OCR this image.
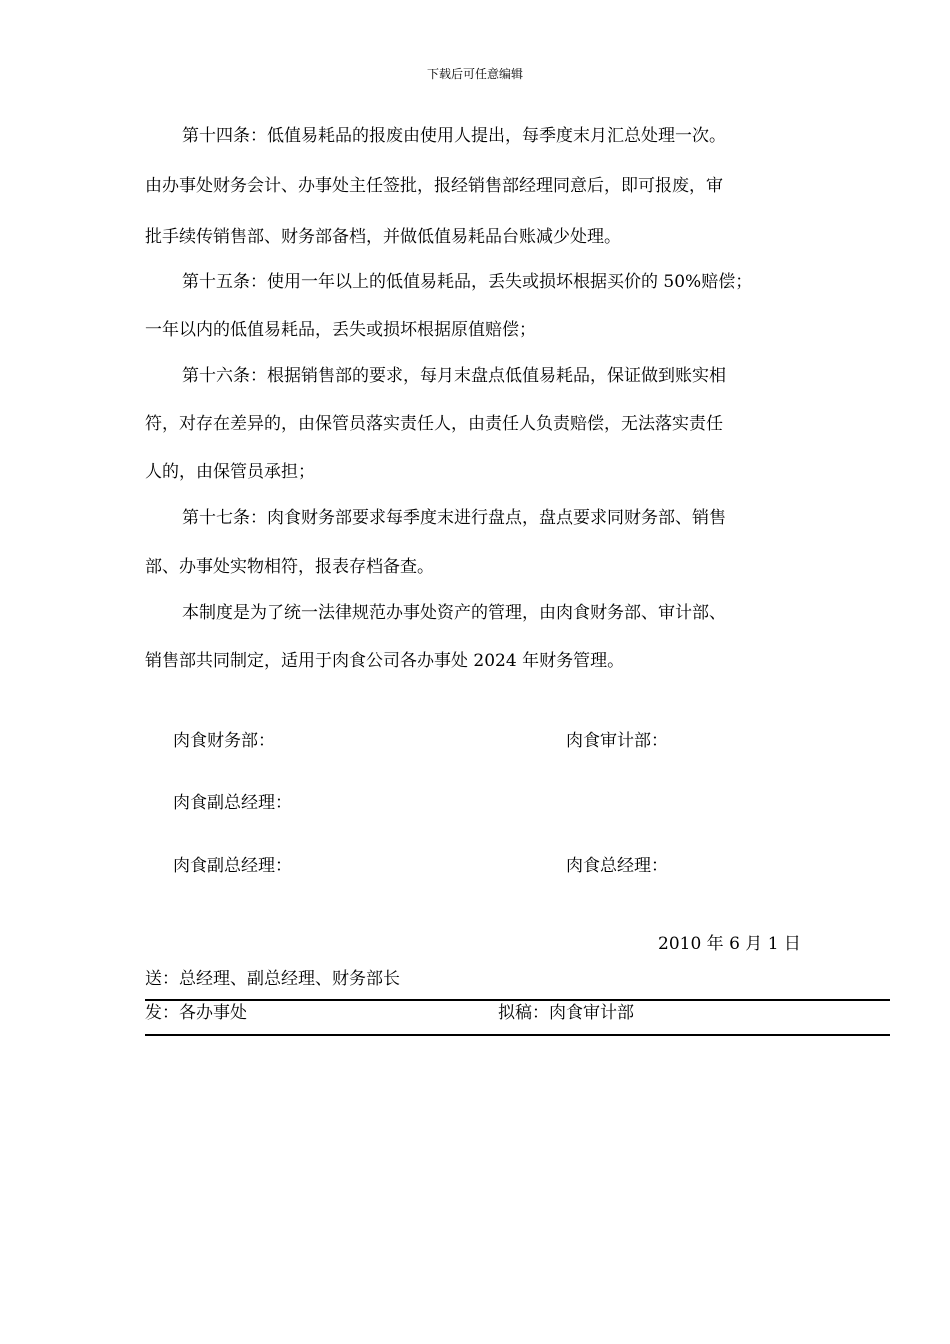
下载后可任意编辑
第十四条：低值易耗品的报废由使用人提出，每季度末月汇总处理一次。
由办事处财务会计、办事处主任签批，报经销售部经理同意后，即可报废，审
批手续传销售部、财务部备档，并做低值易耗品台账减少处理。
第十五条：使用一年以上的低值易耗品，丢失或损坏根据买价的 50%赔偿；
一年以内的低值易耗品，丢失或损坏根据原值赔偿；
第十六条：根据销售部的要求，每月末盘点低值易耗品，保证做到账实相
符，对存在差异的，由保管员落实责任人，由责任人负责赔偿，无法落实责任
人的，由保管员承担；
第十七条：肉食财务部要求每季度末进行盘点，盘点要求同财务部、销售
部、办事处实物相符，报表存档备查。
本制度是为了统一法律规范办事处资产的管理，由肉食财务部、审计部、
销售部共同制定，适用于肉食公司各办事处 2024 年财务管理。
肉食财务部：	肉食审计部：
肉食副总经理：
肉食副总经理：	肉食总经理：
2010 年 6 月 1 日
送：总经理、副总经理、财务部长
发：各办事处	拟稿：肉食审计部
